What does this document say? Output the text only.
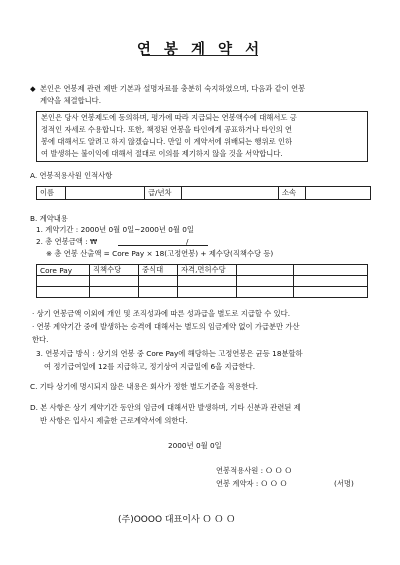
연 봉 계 약 서
◆ 본인은 연봉제 관련 제반 기본과 설명자료를 충분히 숙지하였으며, 다음과 같이 연봉
계약을 체결합니다.
본인은 당사 연봉제도에 동의하며, 평가에 따라 지급되는 연봉액수에 대해서도 긍
정적인 자세로 수용합니다. 또한, 책정된 연봉을 타인에게 공표하거나 타인의 연
봉에 대해서도 알려고 하지 않겠습니다. 만일 이 계약서에 위배되는 행위로 인하
여 발생하는 불이익에 대해서 절대로 이의를 제기하지 않을 것을 서약합니다.
A. 연봉적용사원 인적사항
이름		급/년차		소속	
B. 계약내용
1. 계약기간 : 2000년 0월 0일~2000년 0월 0일
2. 총 연봉금액 : ₩	/
※ 총 연봉 산출액 = Core Pay × 18(고정연봉) + 제수당(직책수당 등)
Core Pay	직책수당	중식대	자격,면허수당		

· 상기 연봉금액 이외에 개인 및 조직성과에 따른 성과급을 별도로 지급할 수 있다.
· 연봉 계약기간 중에 발생하는 승격에 대해서는 별도의 임금계약 없이 가급분만 가산
한다.
3. 연봉지급 방식 : 상기의 연봉 중 Core Pay에 해당하는 고정연봉은 균등 18분할하
여 정기급여일에 12를 지급하고, 정기상여 지급일에 6을 지급한다.
C. 기타 상기에 명시되지 않은 내용은 회사가 정한 별도기준을 적용한다.
D. 본 사항은 상기 계약기간 동안의 임금에 대해서만 발생하며, 기타 신분과 관련된 제
반 사항은 입사시 제출한 근로계약서에 의한다.
2000년 0월 0일
연봉적용사원 : Ｏ Ｏ Ｏ
연봉 계약자 : Ｏ Ｏ Ｏ	(서명)
(주)OOOO 대표이사 Ｏ Ｏ Ｏ
